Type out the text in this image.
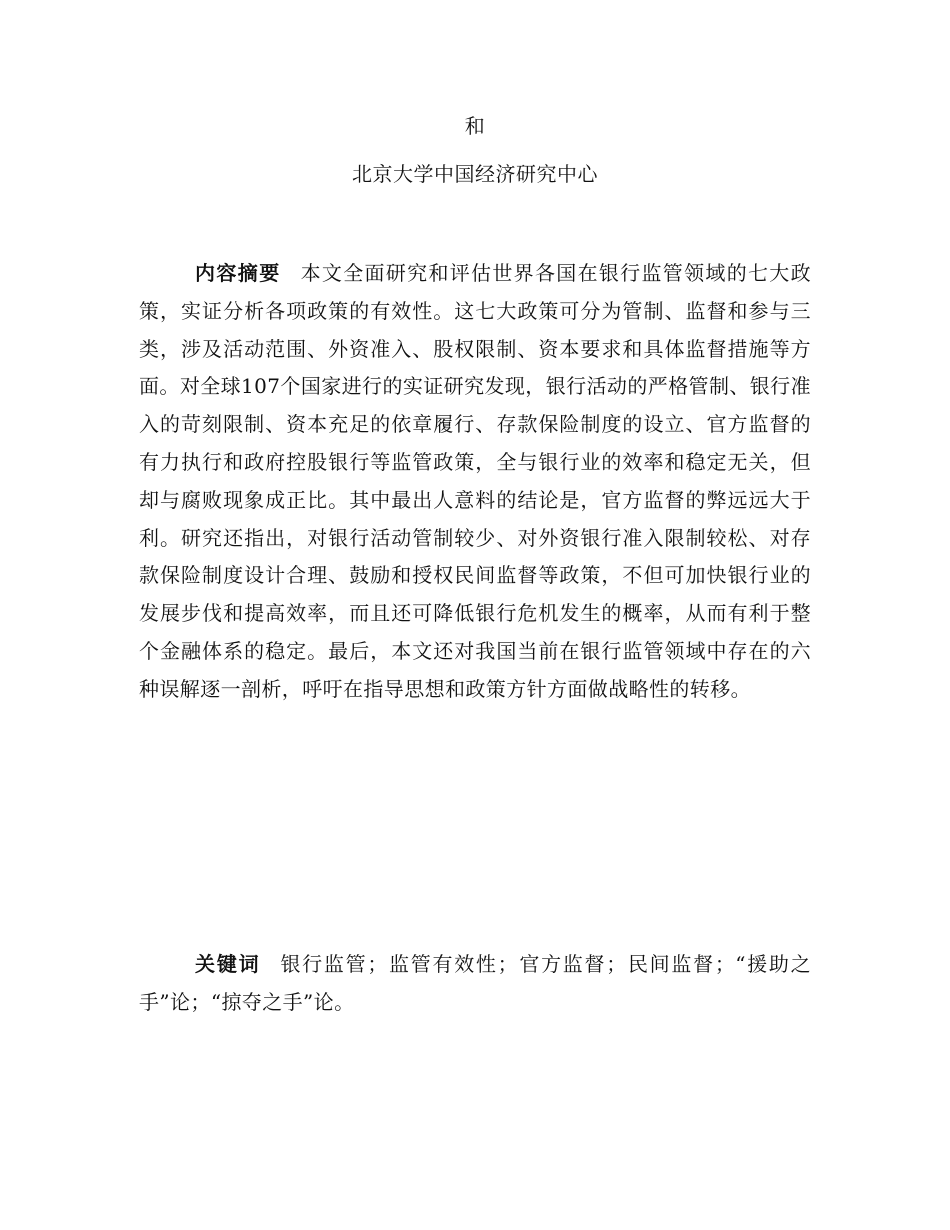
和
北京大学中国经济研究中心

内容摘要 本文全面研究和评估世界各国在银行监管领域的七大政策，实证分析各项政策的有效性。这七大政策可分为管制、监督和参与三类，涉及活动范围、外资准入、股权限制、资本要求和具体监督措施等方面。对全球107个国家进行的实证研究发现，银行活动的严格管制、银行准入的苛刻限制、资本充足的依章履行、存款保险制度的设立、官方监督的有力执行和政府控股银行等监管政策，全与银行业的效率和稳定无关，但却与腐败现象成正比。其中最出人意料的结论是，官方监督的弊远远大于利。研究还指出，对银行活动管制较少、对外资银行准入限制较松、对存款保险制度设计合理、鼓励和授权民间监督等政策，不但可加快银行业的发展步伐和提高效率，而且还可降低银行危机发生的概率，从而有利于整个金融体系的稳定。最后，本文还对我国当前在银行监管领域中存在的六种误解逐一剖析，呼吁在指导思想和政策方针方面做战略性的转移。

关键词 银行监管；监管有效性；官方监督；民间监督；“援助之手”论；“掠夺之手”论。
